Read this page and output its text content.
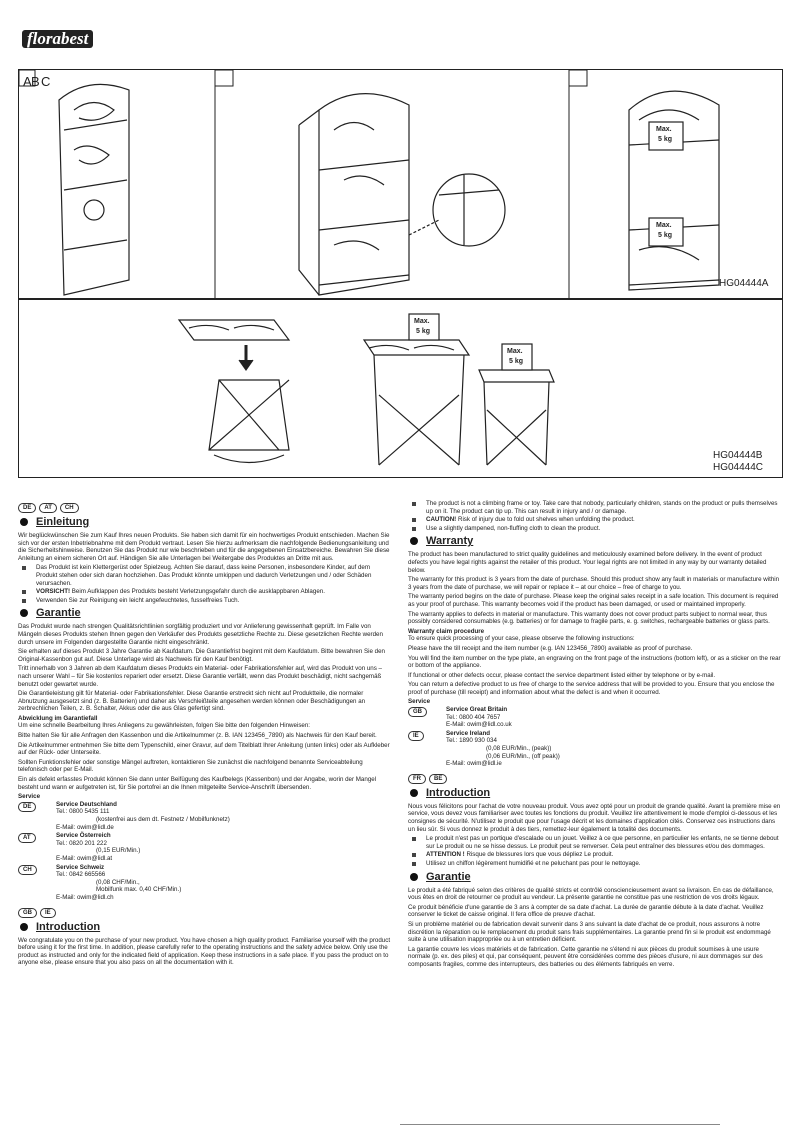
florabest
A B C
Max.
5 kg
Max.
5 kg
HG04444A
Max.
5 kg
Max.
5 kg
HG04444B
HG04444C
DE	AT	CH
Einleitung

Wir beglückwünschen Sie zum Kauf Ihres neuen Produkts. Sie haben sich damit für ein hochwertiges Produkt entschieden. Machen Sie sich vor der ersten Inbetriebnahme mit dem Produkt vertraut. Lesen Sie hierzu aufmerksam die nachfolgende Bedienungsanleitung und die Sicherheitshinweise. Benutzen Sie das Produkt nur wie beschrieben und für die angegebenen Einsatzbereiche. Bewahren Sie diese Anleitung an einem sicheren Ort auf. Händigen Sie alle Unterlagen bei Weitergabe des Produktes an Dritte mit aus.

Das Produkt ist kein Klettergerüst oder Spielzeug. Achten Sie darauf, dass keine Personen, insbesondere Kinder, auf dem Produkt stehen oder sich daran hochziehen. Das Produkt könnte umkippen und dadurch Verletzungen und / oder Schäden verursachen.
VORSICHT! Beim Aufklappen des Produkts besteht Verletzungsgefahr durch die ausklappbaren Ablagen.
Verwenden Sie zur Reinigung ein leicht angefeuchtetes, fusselfreies Tuch.
Garantie

Das Produkt wurde nach strengen Qualitätsrichtlinien sorgfältig produziert und vor Anlieferung gewissenhaft geprüft. Im Falle von Mängeln dieses Produkts stehen Ihnen gegen den Verkäufer des Produkts gesetzliche Rechte zu. Diese gesetzlichen Rechte werden durch unsere im Folgenden dargestellte Garantie nicht eingeschränkt.

Sie erhalten auf dieses Produkt 3 Jahre Garantie ab Kaufdatum. Die Garantiefrist beginnt mit dem Kaufdatum. Bitte bewahren Sie den Original-Kassenbon gut auf. Diese Unterlage wird als Nachweis für den Kauf benötigt.

Tritt innerhalb von 3 Jahren ab dem Kaufdatum dieses Produkts ein Material- oder Fabrikationsfehler auf, wird das Produkt von uns – nach unserer Wahl – für Sie kostenlos repariert oder ersetzt. Diese Garantie verfällt, wenn das Produkt beschädigt, nicht sachgemäß benutzt oder gewartet wurde.

Die Garantieleistung gilt für Material- oder Fabrikationsfehler. Diese Garantie erstreckt sich nicht auf Produktteile, die normaler Abnutzung ausgesetzt sind (z. B. Batterien) und daher als Verschleißteile angesehen werden können oder Beschädigungen an zerbrechlichen Teilen, z. B. Schalter, Akkus oder die aus Glas gefertigt sind.

Abwicklung im Garantiefall

Um eine schnelle Bearbeitung Ihres Anliegens zu gewährleisten, folgen Sie bitte den folgenden Hinweisen:

Bitte halten Sie für alle Anfragen den Kassenbon und die Artikelnummer (z. B. IAN 123456_7890) als Nachweis für den Kauf bereit.

Die Artikelnummer entnehmen Sie bitte dem Typenschild, einer Gravur, auf dem Titelblatt Ihrer Anleitung (unten links) oder als Aufkleber auf der Rück- oder Unterseite.

Sollten Funktionsfehler oder sonstige Mängel auftreten, kontaktieren Sie zunächst die nachfolgend benannte Serviceabteilung telefonisch oder per E-Mail.

Ein als defekt erfasstes Produkt können Sie dann unter Beifügung des Kaufbelegs (Kassenbon) und der Angabe, worin der Mangel besteht und wann er aufgetreten ist, für Sie portofrei an die Ihnen mitgeteilte Service-Anschrift übersenden.

Service
DE	Service Deutschland
Tel.: 0800 5435 111
(kostenfrei aus dem dt. Festnetz / Mobilfunknetz)
E-Mail: owim@lidl.de
AT	Service Österreich
Tel.: 0820 201 222
(0,15 EUR/Min.)
E-Mail: owim@lidl.at
CH	Service Schweiz
Tel.: 0842 665566
(0,08 CHF/Min.,
Mobilfunk max. 0,40 CHF/Min.)
E-Mail: owim@lidl.ch
GB	IE
Introduction

We congratulate you on the purchase of your new product. You have chosen a high quality product. Familiarise yourself with the product before using it for the first time. In addition, please carefully refer to the operating instructions and the safety advice below. Only use the product as instructed and only for the indicated field of application. Keep these instructions in a safe place. If you pass the product on to anyone else, please ensure that you also pass on all the documentation with it.

The product is not a climbing frame or toy. Take care that nobody, particularly children, stands on the product or pulls themselves up on it. The product can tip up. This can result in injury and / or damage.
CAUTION! Risk of injury due to fold out shelves when unfolding the product.
Use a slightly dampened, non-fluffing cloth to clean the product.
Warranty

The product has been manufactured to strict quality guidelines and meticulously examined before delivery. In the event of product defects you have legal rights against the retailer of this product. Your legal rights are not limited in any way by our warranty detailed below.

The warranty for this product is 3 years from the date of purchase. Should this product show any fault in materials or manufacture within 3 years from the date of purchase, we will repair or replace it – at our choice – free of charge to you.

The warranty period begins on the date of purchase. Please keep the original sales receipt in a safe location. This document is required as your proof of purchase. This warranty becomes void if the product has been damaged, or used or maintained improperly.

The warranty applies to defects in material or manufacture. This warranty does not cover product parts subject to normal wear, thus possibly considered consumables (e.g. batteries) or for damage to fragile parts, e. g. switches, rechargeable batteries or glass parts.

Warranty claim procedure

To ensure quick processing of your case, please observe the following instructions:

Please have the till receipt and the item number (e.g. IAN 123456_7890) available as proof of purchase.

You will find the item number on the type plate, an engraving on the front page of the instructions (bottom left), or as a sticker on the rear or bottom of the appliance.

If functional or other defects occur, please contact the service department listed either by telephone or by e-mail.

You can return a defective product to us free of charge to the service address that will be provided to you. Ensure that you enclose the proof of purchase (till receipt) and information about what the defect is and when it occurred.

Service
GB	Service Great Britain
Tel.: 0800 404 7657
E-Mail: owim@lidl.co.uk
IE	Service Ireland
Tel.: 1890 930 034
(0,08 EUR/Min., (peak))
(0,06 EUR/Min., (off peak))
E-Mail: owim@lidl.ie
FR	BE
Introduction

Nous vous félicitons pour l'achat de votre nouveau produit. Vous avez opté pour un produit de grande qualité. Avant la première mise en service, vous devez vous familiariser avec toutes les fonctions du produit. Veuillez lire attentivement le mode d'emploi ci-dessous et les consignes de sécurité. N'utilisez le produit que pour l'usage décrit et les domaines d'application cités. Conservez ces instructions dans un lieu sûr. Si vous donnez le produit à des tiers, remettez-leur également la totalité des documents.

Le produit n'est pas un portique d'escalade ou un jouet. Veillez à ce que personne, en particulier les enfants, ne se tienne debout sur Le produit ou ne se hisse dessus. Le produit peut se renverser. Cela peut entraîner des blessures et/ou des dommages.
ATTENTION ! Risque de blessures lors que vous dépliez Le produit.
Utilisez un chiffon légèrement humidifié et ne peluchant pas pour le nettoyage.
Garantie

Le produit a été fabriqué selon des critères de qualité stricts et contrôlé consciencieusement avant sa livraison. En cas de défaillance, vous êtes en droit de retourner ce produit au vendeur. La présente garantie ne constitue pas une restriction de vos droits légaux.

Ce produit bénéficie d'une garantie de 3 ans à compter de sa date d'achat. La durée de garantie débute à la date d'achat. Veuillez conserver le ticket de caisse original. Il fera office de preuve d'achat.

Si un problème matériel ou de fabrication devait survenir dans 3 ans suivant la date d'achat de ce produit, nous assurons à notre discrétion la réparation ou le remplacement du produit sans frais supplémentaires. La garantie prend fin si le produit est endommagé suite à une utilisation inappropriée ou à un entretien déficient.

La garantie couvre les vices matériels et de fabrication. Cette garantie ne s'étend ni aux pièces du produit soumises à une usure normale (p. ex. des piles) et qui, par conséquent, peuvent être considérées comme des pièces d'usure, ni aux dommages sur des composants fragiles, comme des interrupteurs, des batteries ou des éléments fabriqués en verre.
